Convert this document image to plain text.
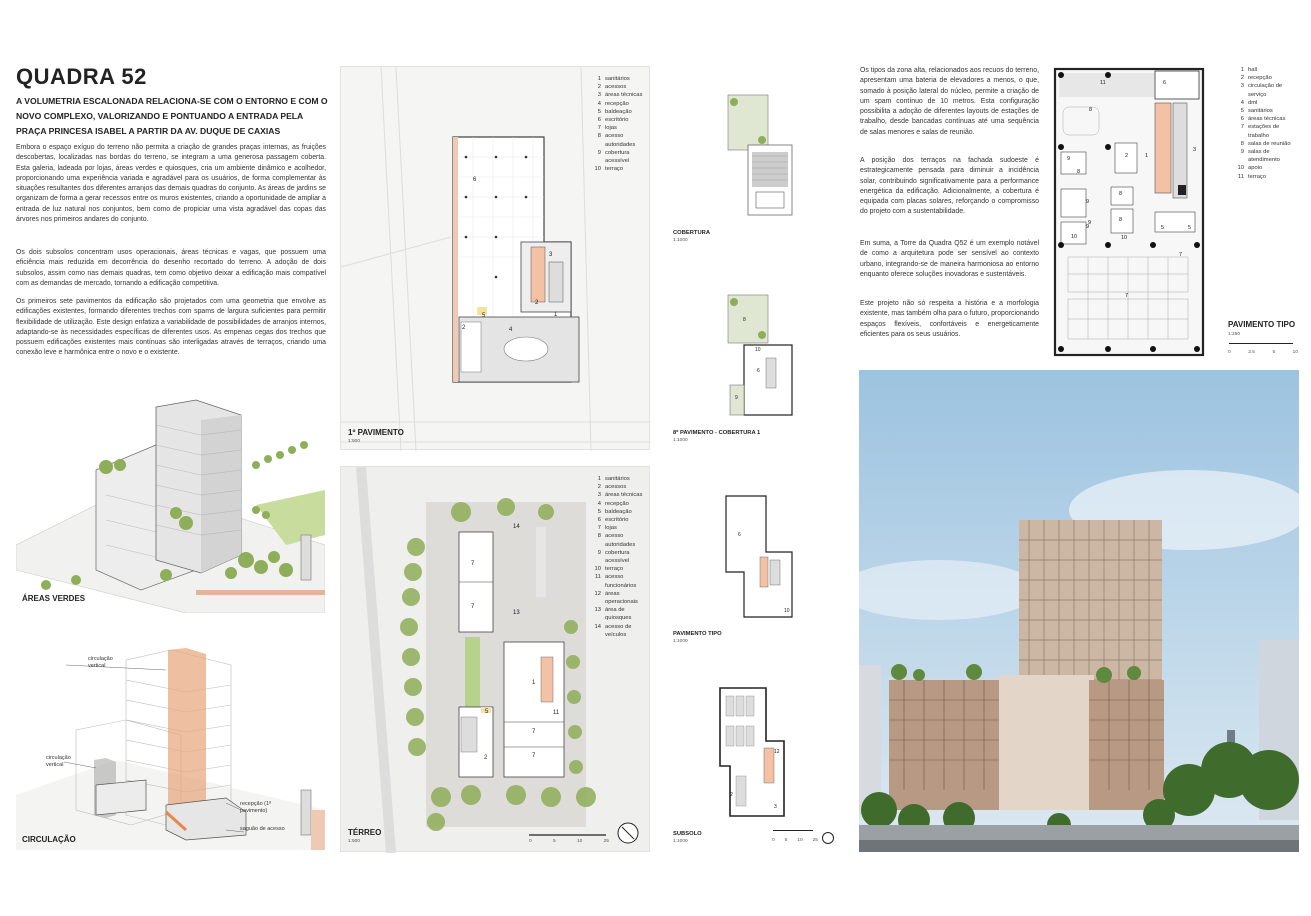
QUADRA 52
A VOLUMETRIA ESCALONADA RELACIONA-SE COM O ENTORNO E COM O NOVO COMPLEXO, VALORIZANDO E PONTUANDO A ENTRADA PELA PRAÇA PRINCESA ISABEL A PARTIR DA AV. DUQUE DE CAXIAS

Embora o espaço exíguo do terreno não permita a criação de grandes praças internas, as fruições descobertas, localizadas nas bordas do terreno, se integram a uma generosa passagem coberta. Esta galeria, ladeada por lojas, áreas verdes e quiosques, cria um ambiente dinâmico e acolhedor, proporcionando uma experiência variada e agradável para os usuários, de forma complementar às situações resultantes dos diferentes arranjos das demais quadras do conjunto. As áreas de jardins se organizam de forma a gerar recessos entre os muros existentes, criando a oportunidade de ampliar a entrada de luz natural nos conjuntos, bem como de propiciar uma vista agradável das copas das árvores nos primeiros andares do conjunto.

Os dois subsolos concentram usos operacionais, áreas técnicas e vagas, que possuem uma eficiência mais reduzida em decorrência do desenho recortado do terreno. A adoção de dois subsolos, assim como nas demais quadras, tem como objetivo deixar a edificação mais compatível com as demandas de mercado, tornando a edificação competitiva.

Os primeiros sete pavimentos da edificação são projetados com uma geometria que envolve as edificações existentes, formando diferentes trechos com spams de largura suficientes para permitir flexibilidade de utilização. Este design enfatiza a variabilidade de possibilidades de arranjos internos, adaptando-se às necessidades específicas de diferentes usos. As empenas cegas dos trechos que possuem edificações existentes mais contínuas são interligadas através de terraços, criando uma conexão leve e harmônica entre o novo e o existente.

ÁREAS VERDES
circulação vertical
circulação vertical
recepção (1º pavimento)
saguão de acesso
CIRCULAÇÃO
1 sanitários
2 acessos
3 áreas técnicas
4 recepção
5 baldeação
6 escritório
7 lojas
8 acesso autoridades
9 cobertura acessível
10 terraço
6
1
2
3
4
2
5
1º PAVIMENTO
1:500
1 sanitários
2 acessos
3 áreas técnicas
4 recepção
5 baldeação
6 escritório
7 lojas
8 acesso autoridades
9 cobertura acessível
10 terraço
11 acesso funcionários
12 áreas operacionais
13 área de quiosques
14 acesso de veículos
14
7
7
13
1
5
7
7
2
11
TÉRREO
1:500	0	5	10	25
COBERTURA
1:1000
8
10
6
9
8º PAVIMENTO - COBERTURA 1
1:1000
6
10
PAVIMENTO TIPO
1:1000
12
3
2
SUBSOLO
1:1000	0 5 10 25

Os tipos da zona alta, relacionados aos recuos do terreno, apresentam uma bateria de elevadores a menos, o que, somado à posição lateral do núcleo, permite a criação de um spam contínuo de 10 metros. Esta configuração possibilita a adoção de diferentes layouts de estações de trabalho, desde bancadas contínuas até uma sequência de salas menores e salas de reunião.

A posição dos terraços na fachada sudoeste é estrategicamente pensada para diminuir a incidência solar, contribuindo significativamente para a performance energética da edificação. Adicionalmente, a cobertura é equipada com placas solares, reforçando o compromisso do projeto com a sustentabilidade.

Em suma, a Torre da Quadra Q52 é um exemplo notável de como a arquitetura pode ser sensível ao contexto urbano, integrando-se de maneira harmoniosa ao entorno enquanto oferece soluções inovadoras e sustentáveis.

Este projeto não só respeita a história e a morfologia existente, mas também olha para o futuro, proporcionando espaços flexíveis, confortáveis e energeticamente eficientes para os seus usuários.

11	6
8
9	1
2
3
8
9
8
9
10
8
7
4
5
7
5
10
9
1 hall
2 recepção
3 circulação de serviço
4 dml
5 sanitários
6 áreas técnicas
7 estações de trabalho
8 salas de reunião
9 salas de atendimento
10 apoio
11 terraço
PAVIMENTO TIPO
1:250
0	2.5	5	10
